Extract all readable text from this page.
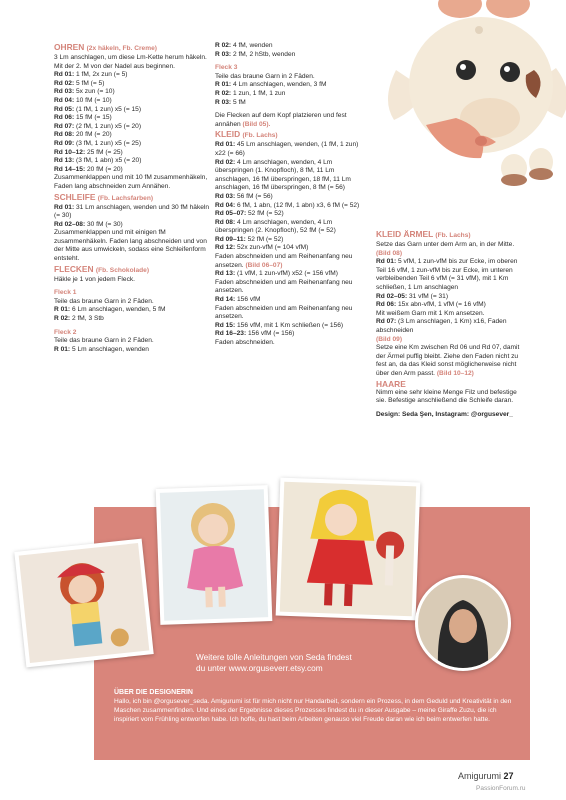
OHREN (2x häkeln, Fb. Creme)

3 Lm anschlagen, um diese Lm-Kette herum häkeln. Mit der 2. M von der Nadel aus beginnen.

Rd 01: 1 fM, 2x zun (= 5)

Rd 02: 5 fM (= 5)

Rd 03: 5x zun (= 10)

Rd 04: 10 fM (= 10)

Rd 05: (1 fM, 1 zun) x5 (= 15)

Rd 06: 15 fM (= 15)

Rd 07: (2 fM, 1 zun) x5 (= 20)

Rd 08: 20 fM (= 20)

Rd 09: (3 fM, 1 zun) x5 (= 25)

Rd 10–12: 25 fM (= 25)

Rd 13: (3 fM, 1 abn) x5 (= 20)

Rd 14–15: 20 fM (= 20)

Zusammenklappen und mit 10 fM zusammenhäkeln, Faden lang abschneiden zum Annähen.

SCHLEIFE (Fb. Lachsfarben)

Rd 01: 31 Lm anschlagen, wenden und 30 fM häkeln (= 30)

Rd 02–08: 30 fM (= 30)

Zusammenklappen und mit einigen fM zusammenhäkeln. Faden lang abschneiden und von der Mitte aus umwickeln, sodass eine Schleifenform entsteht.

FLECKEN (Fb. Schokolade)

Häkle je 1 von jedem Fleck.

Fleck 1

Teile das braune Garn in 2 Fäden.

R 01: 6 Lm anschlagen, wenden, 5 fM

R 02: 2 fM, 3 Stb

Fleck 2

Teile das braune Garn in 2 Fäden.

R 01: 5 Lm anschlagen, wenden

R 02: 4 fM, wenden

R 03: 2 fM, 2 hStb, wenden

Fleck 3

Teile das braune Garn in 2 Fäden.

R 01: 4 Lm anschlagen, wenden, 3 fM

R 02: 1 zun, 1 fM, 1 zun

R 03: 5 fM

Die Flecken auf dem Kopf platzieren und fest annähen (Bild 05).

KLEID (Fb. Lachs)

Rd 01: 45 Lm anschlagen, wenden, (1 fM, 1 zun) x22 (= 66)

Rd 02: 4 Lm anschlagen, wenden, 4 Lm überspringen (1. Knopfloch), 8 fM, 11 Lm anschlagen, 16 fM überspringen, 18 fM, 11 Lm anschlagen, 16 fM überspringen, 8 fM (= 56)

Rd 03: 56 fM (= 56)

Rd 04: 6 fM, 1 abn, (12 fM, 1 abn) x3, 6 fM (= 52)

Rd 05–07: 52 fM (= 52)

Rd 08: 4 Lm anschlagen, wenden, 4 Lm überspringen (2. Knopfloch), 52 fM (= 52)

Rd 09–11: 52 fM (= 52)

Rd 12: 52x zun-vfM (= 104 vfM)

Faden abschneiden und am Reihenanfang neu ansetzen. (Bild 06–07)

Rd 13: (1 vfM, 1 zun-vfM) x52 (= 156 vfM)

Faden abschneiden und am Reihenanfang neu ansetzen.

Rd 14: 156 vfM

Faden abschneiden und am Reihenanfang neu ansetzen.

Rd 15: 156 vfM, mit 1 Km schließen (= 156)

Rd 16–23: 156 vfM (= 156)

Faden abschneiden.

KLEID ÄRMEL (Fb. Lachs)

Setze das Garn unter dem Arm an, in der Mitte. (Bild 08)

Rd 01: 5 vfM, 1 zun-vfM bis zur Ecke, im oberen Teil 16 vfM, 1 zun-vfM bis zur Ecke, im unteren verbleibenden Teil 6 vfM (= 31 vfM), mit 1 Km schließen, 1 Lm anschlagen

Rd 02–05: 31 vfM (= 31)

Rd 06: 15x abn-vfM, 1 vfM (= 16 vfM)

Mit weißem Garn mit 1 Km ansetzen.

Rd 07: (3 Lm anschlagen, 1 Km) x16, Faden abschneiden

(Bild 09)

Setze eine Km zwischen Rd 06 und Rd 07, damit der Ärmel puffig bleibt. Ziehe den Faden nicht zu fest an, da das Kleid sonst möglicherweise nicht über den Arm passt. (Bild 10–12)

HAARE

Nimm eine sehr kleine Menge Filz und befestige sie. Befestige anschließend die Schleife daran.

Design: Seda Şen, Instagram: @orgusever_

Weitere tolle Anleitungen von Seda findest
du unter www.orguseverr.etsy.com
ÜBER DIE DESIGNERIN
Hallo, ich bin @orgusever_seda. Amigurumi ist für mich nicht nur Handarbeit, sondern ein Prozess, in dem Geduld und Kreativität in den Maschen zusammenfinden. Und eines der Ergebnisse dieses Prozesses findest du in dieser Ausgabe – meine Giraffe Zuzu, die ich inspiriert vom Frühling entworfen habe. Ich hoffe, du hast beim Arbeiten genauso viel Freude daran wie ich beim entwerfen hatte.
Amigurumi 27
PassionForum.ru
